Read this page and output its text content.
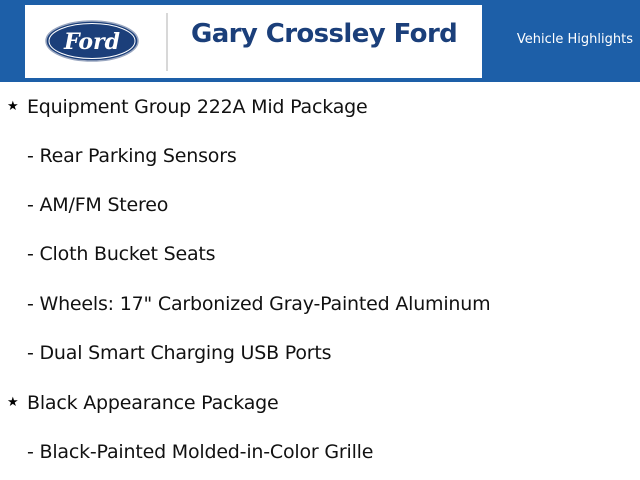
Ford	Gary Crossley Ford	Vehicle Highlights
★ Equipment Group 222A Mid Package
- Rear Parking Sensors
- AM/FM Stereo
- Cloth Bucket Seats
- Wheels: 17" Carbonized Gray-Painted Aluminum
- Dual Smart Charging USB Ports
★ Black Appearance Package
- Black-Painted Molded-in-Color Grille
